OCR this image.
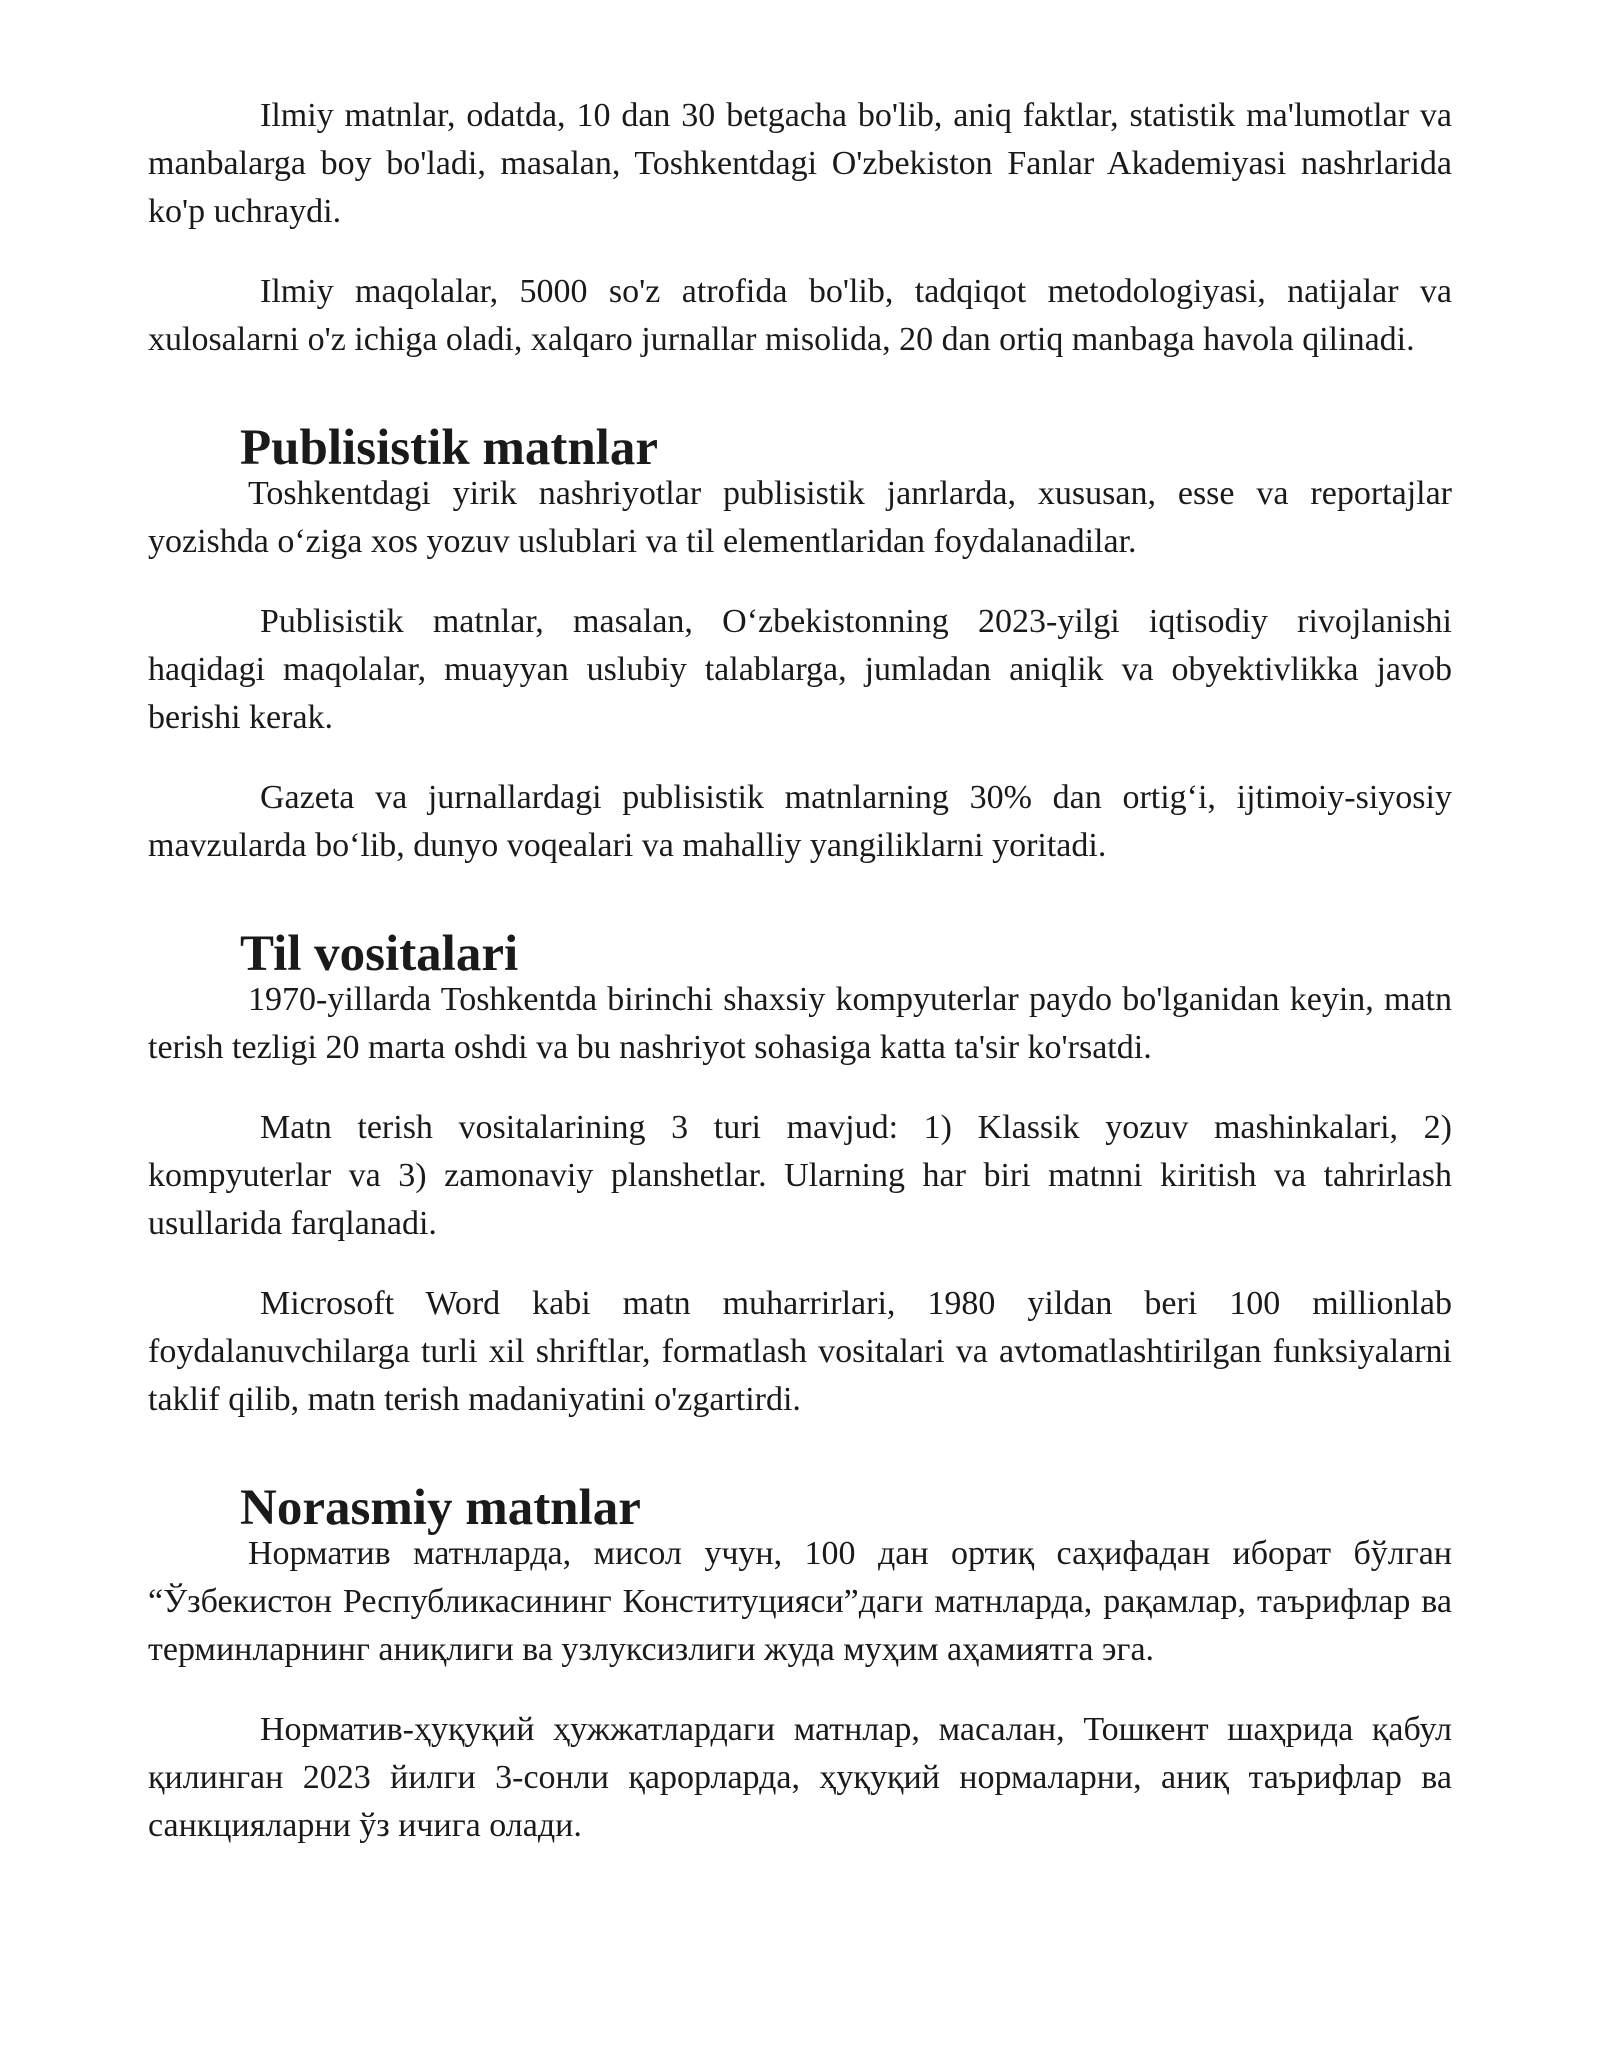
Ilmiy matnlar, odatda, 10 dan 30 betgacha bo'lib, aniq faktlar, statistik ma'lumotlar va manbalarga boy bo'ladi, masalan, Toshkentdagi O'zbekiston Fanlar Akademiyasi nashrlarida ko'p uchraydi.

Ilmiy maqolalar, 5000 so'z atrofida bo'lib, tadqiqot metodologiyasi, natijalar va xulosalarni o'z ichiga oladi, xalqaro jurnallar misolida, 20 dan ortiq manbaga havola qilinadi.

Publisistik matnlar

Toshkentdagi yirik nashriyotlar publisistik janrlarda, xususan, esse va reportajlar yozishda o‘ziga xos yozuv uslublari va til elementlaridan foydalanadilar.

Publisistik matnlar, masalan, O‘zbekistonning 2023-yilgi iqtisodiy rivojlanishi haqidagi maqolalar, muayyan uslubiy talablarga, jumladan aniqlik va obyektivlikka javob berishi kerak.

Gazeta va jurnallardagi publisistik matnlarning 30% dan ortig‘i, ijtimoiy-siyosiy mavzularda bo‘lib, dunyo voqealari va mahalliy yangiliklarni yoritadi.

Til vositalari

1970-yillarda Toshkentda birinchi shaxsiy kompyuterlar paydo bo'lganidan keyin, matn terish tezligi 20 marta oshdi va bu nashriyot sohasiga katta ta'sir ko'rsatdi.

Matn terish vositalarining 3 turi mavjud: 1) Klassik yozuv mashinkalari, 2) kompyuterlar va 3) zamonaviy planshetlar. Ularning har biri matnni kiritish va tahrirlash usullarida farqlanadi.

Microsoft Word kabi matn muharrirlari, 1980 yildan beri 100 millionlab foydalanuvchilarga turli xil shriftlar, formatlash vositalari va avtomatlashtirilgan funksiyalarni taklif qilib, matn terish madaniyatini o'zgartirdi.

Norasmiy matnlar

Норматив матнларда, мисол учун, 100 дан ортиқ саҳифадан иборат бўлган “Ўзбекистон Республикасининг Конституцияси”даги матнларда, рақамлар, таърифлар ва терминларнинг аниқлиги ва узлуксизлиги жуда муҳим аҳамиятга эга.

Норматив-ҳуқуқий ҳужжатлардаги матнлар, масалан, Тошкент шаҳрида қабул қилинган 2023 йилги 3-сонли қарорларда, ҳуқуқий нормаларни, аниқ таърифлар ва санкцияларни ўз ичига олади.
